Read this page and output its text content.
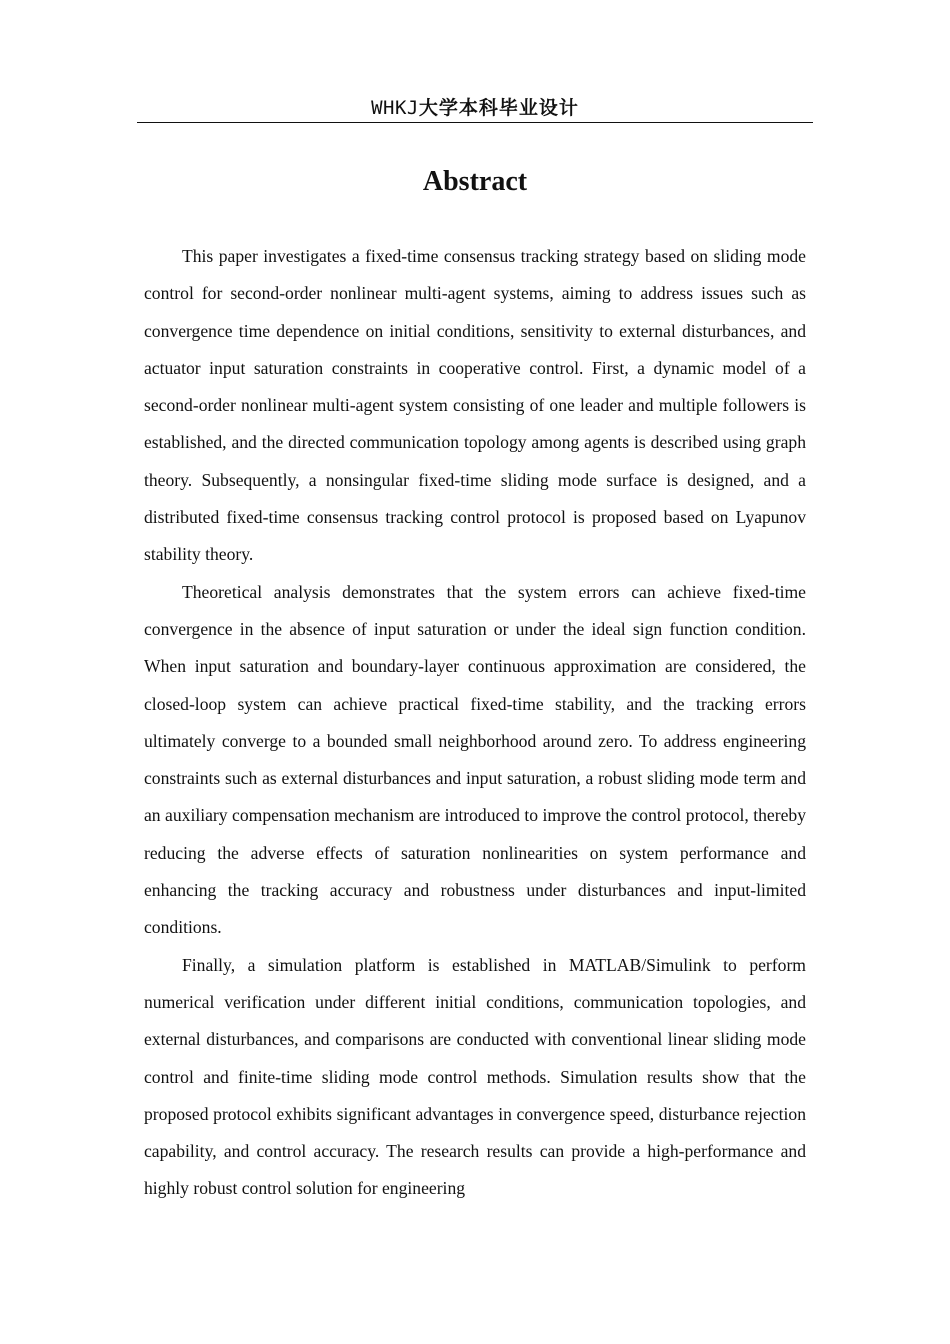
WHKJ大学本科毕业设计
Abstract

This paper investigates a fixed-time consensus tracking strategy based on sliding mode control for second-order nonlinear multi-agent systems, aiming to address issues such as convergence time dependence on initial conditions, sensitivity to external disturbances, and actuator input saturation constraints in cooperative control. First, a dynamic model of a second-order nonlinear multi-agent system consisting of one leader and multiple followers is established, and the directed communication topology among agents is described using graph theory. Subsequently, a nonsingular fixed-time sliding mode surface is designed, and a distributed fixed-time consensus tracking control protocol is proposed based on Lyapunov stability theory.

Theoretical analysis demonstrates that the system errors can achieve fixed-time convergence in the absence of input saturation or under the ideal sign function condition. When input saturation and boundary-layer continuous approximation are considered, the closed-loop system can achieve practical fixed-time stability, and the tracking errors ultimately converge to a bounded small neighborhood around zero. To address engineering constraints such as external disturbances and input saturation, a robust sliding mode term and an auxiliary compensation mechanism are introduced to improve the control protocol, thereby reducing the adverse effects of saturation nonlinearities on system performance and enhancing the tracking accuracy and robustness under disturbances and input-limited conditions.

Finally, a simulation platform is established in MATLAB/Simulink to perform numerical verification under different initial conditions, communication topologies, and external disturbances, and comparisons are conducted with conventional linear sliding mode control and finite-time sliding mode control methods. Simulation results show that the proposed protocol exhibits significant advantages in convergence speed, disturbance rejection capability, and control accuracy. The research results can provide a high-performance and highly robust control solution for engineering
